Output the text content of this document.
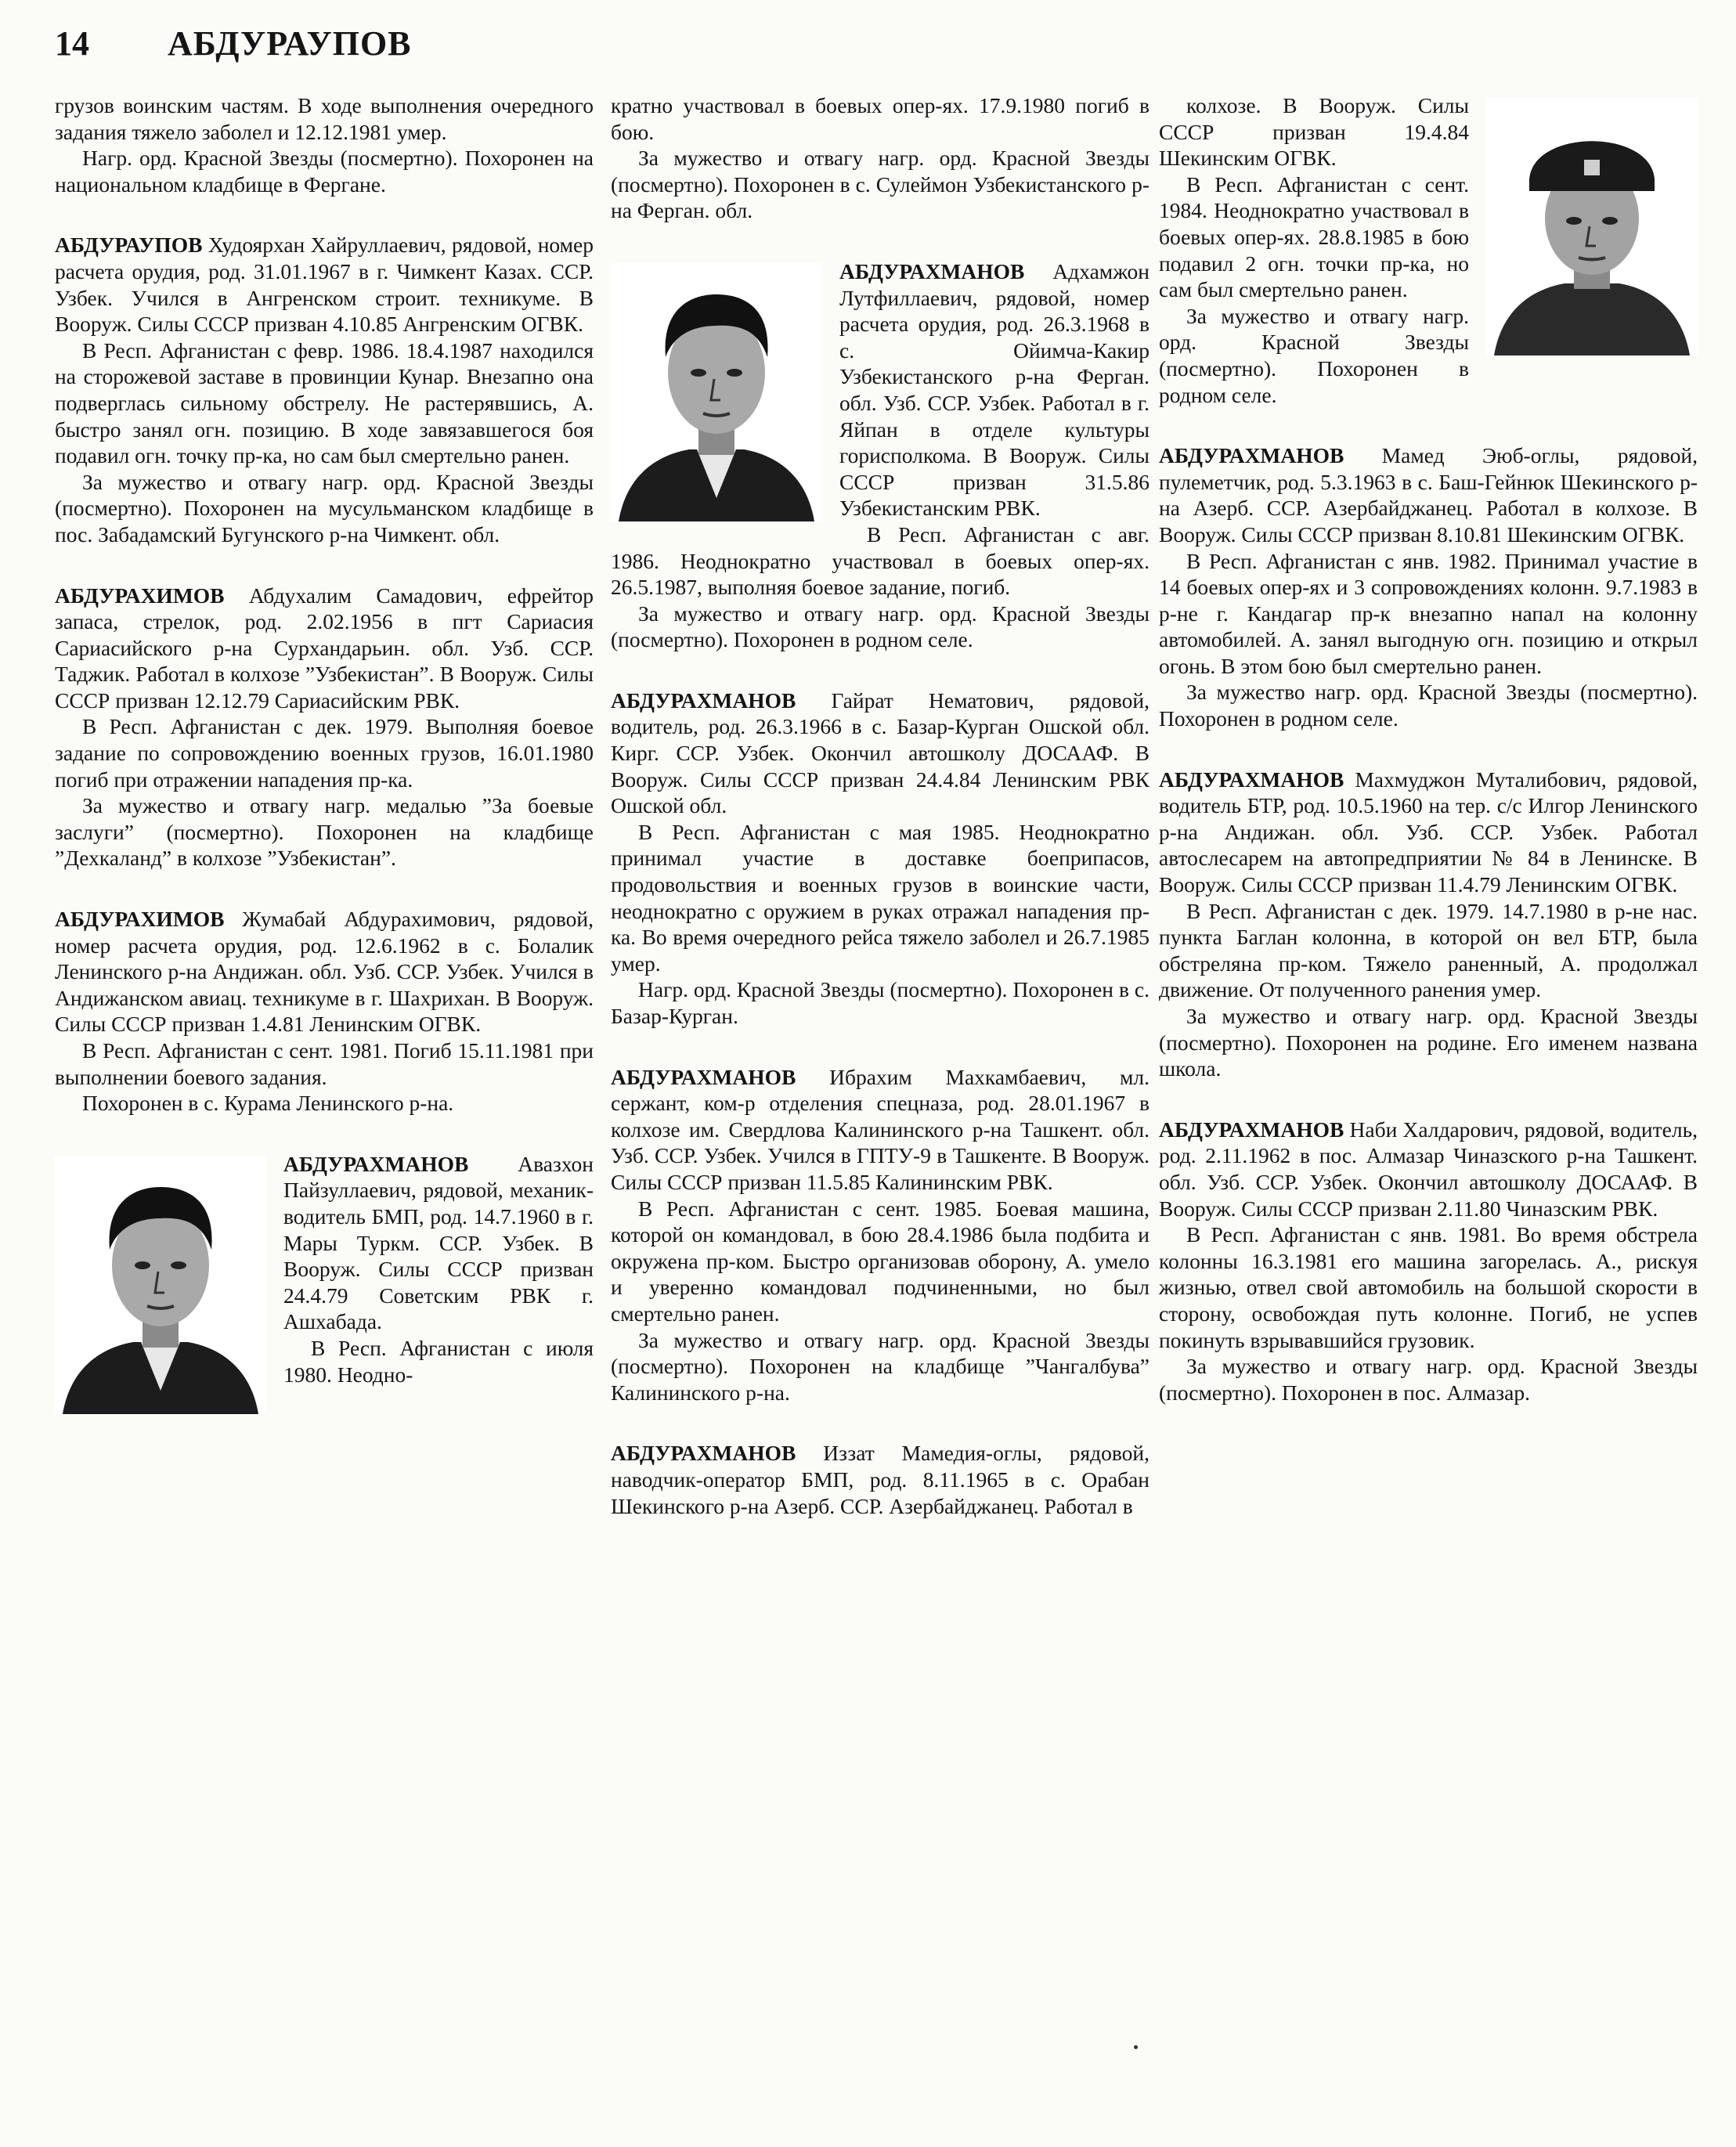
14 АБДУРАУПОВ

грузов воинским частям. В ходе выполнения очередного задания тяжело заболел и 12.12.1981 умер.

Нагр. орд. Красной Звезды (посмертно). Похоронен на национальном кладбище в Фергане.

АБДУРАУПОВ Худоярхан Хайруллаевич, рядовой, номер расчета орудия, род. 31.01.1967 в г. Чимкент Казах. ССР. Узбек. Учился в Ангренском строит. техникуме. В Вооруж. Силы СССР призван 4.10.85 Ангренским ОГВК.

В Респ. Афганистан с февр. 1986. 18.4.1987 находился на сторожевой заставе в провинции Кунар. Внезапно она подверглась сильному обстрелу. Не растерявшись, А. быстро занял огн. позицию. В ходе завязавшегося боя подавил огн. точку пр-ка, но сам был смертельно ранен.

За мужество и отвагу нагр. орд. Красной Звезды (посмертно). Похоронен на мусульманском кладбище в пос. Забадамский Бугунского р-на Чимкент. обл.

АБДУРАХИМОВ Абдухалим Самадович, ефрейтор запаса, стрелок, род. 2.02.1956 в пгт Сариасия Сариасийского р-на Сурхандарьин. обл. Узб. ССР. Таджик. Работал в колхозе ”Узбекистан”. В Вооруж. Силы СССР призван 12.12.79 Сариасийским РВК.

В Респ. Афганистан с дек. 1979. Выполняя боевое задание по сопровождению военных грузов, 16.01.1980 погиб при отражении нападения пр-ка.

За мужество и отвагу нагр. медалью ”За боевые заслуги” (посмертно). Похоронен на кладбище ”Дехкаланд” в колхозе ”Узбекистан”.

АБДУРАХИМОВ Жумабай Абдурахимович, рядовой, номер расчета орудия, род. 12.6.1962 в с. Болалик Ленинского р-на Андижан. обл. Узб. ССР. Узбек. Учился в Андижанском авиац. техникуме в г. Шахрихан. В Вооруж. Силы СССР призван 1.4.81 Ленинским ОГВК.

В Респ. Афганистан с сент. 1981. Погиб 15.11.1981 при выполнении боевого задания.

Похоронен в с. Курама Ленинского р-на.

АБДУРАХМАНОВ Авазхон Пайзуллаевич, рядовой, механик-водитель БМП, род. 14.7.1960 в г. Мары Туркм. ССР. Узбек. В Вооруж. Силы СССР призван 24.4.79 Советским РВК г. Ашхабада.

В Респ. Афганистан с июля 1980. Неодно-

кратно участвовал в боевых опер-ях. 17.9.1980 погиб в бою.

За мужество и отвагу нагр. орд. Красной Звезды (посмертно). Похоронен в с. Сулеймон Узбекистанского р-на Ферган. обл.

АБДУРАХМАНОВ Адхамжон Лутфиллаевич, рядовой, номер расчета орудия, род. 26.3.1968 в с. Ойимча-Какир Узбекистанского р-на Ферган. обл. Узб. ССР. Узбек. Работал в г. Яйпан в отделе культуры горисполкома. В Вооруж. Силы СССР призван 31.5.86 Узбекистанским РВК.

В Респ. Афганистан с авг. 1986. Неоднократно участвовал в боевых опер-ях. 26.5.1987, выполняя боевое задание, погиб.

За мужество и отвагу нагр. орд. Красной Звезды (посмертно). Похоронен в родном селе.

АБДУРАХМАНОВ Гайрат Нематович, рядовой, водитель, род. 26.3.1966 в с. Базар-Курган Ошской обл. Кирг. ССР. Узбек. Окончил автошколу ДОСААФ. В Вооруж. Силы СССР призван 24.4.84 Ленинским РВК Ошской обл.

В Респ. Афганистан с мая 1985. Неоднократно принимал участие в доставке боеприпасов, продовольствия и военных грузов в воинские части, неоднократно с оружием в руках отражал нападения пр-ка. Во время очередного рейса тяжело заболел и 26.7.1985 умер.

Нагр. орд. Красной Звезды (посмертно). Похоронен в с. Базар-Курган.

АБДУРАХМАНОВ Ибрахим Махкамбаевич, мл. сержант, ком-р отделения спецназа, род. 28.01.1967 в колхозе им. Свердлова Калининского р-на Ташкент. обл. Узб. ССР. Узбек. Учился в ГПТУ-9 в Ташкенте. В Вооруж. Силы СССР призван 11.5.85 Калининским РВК.

В Респ. Афганистан с сент. 1985. Боевая машина, которой он командовал, в бою 28.4.1986 была подбита и окружена пр-ком. Быстро организовав оборону, А. умело и уверенно командовал подчиненными, но был смертельно ранен.

За мужество и отвагу нагр. орд. Красной Звезды (посмертно). Похоронен на кладбище ”Чангалбува” Калининского р-на.

АБДУРАХМАНОВ Иззат Мамедия-оглы, рядовой, наводчик-оператор БМП, род. 8.11.1965 в с. Орабан Шекинского р-на Азерб. ССР. Азербайджанец. Работал в

колхозе. В Вооруж. Силы СССР призван 19.4.84 Шекинским ОГВК.

В Респ. Афганистан с сент. 1984. Неоднократно участвовал в боевых опер-ях. 28.8.1985 в бою подавил 2 огн. точки пр-ка, но сам был смертельно ранен.

За мужество и отвагу нагр. орд. Красной Звезды (посмертно). Похоронен в родном селе.

АБДУРАХМАНОВ Мамед Эюб-оглы, рядовой, пулеметчик, род. 5.3.1963 в с. Баш-Гейнюк Шекинского р-на Азерб. ССР. Азербайджанец. Работал в колхозе. В Вооруж. Силы СССР призван 8.10.81 Шекинским ОГВК.

В Респ. Афганистан с янв. 1982. Принимал участие в 14 боевых опер-ях и 3 сопровождениях колонн. 9.7.1983 в р-не г. Кандагар пр-к внезапно напал на колонну автомобилей. А. занял выгодную огн. позицию и открыл огонь. В этом бою был смертельно ранен.

За мужество нагр. орд. Красной Звезды (посмертно). Похоронен в родном селе.

АБДУРАХМАНОВ Махмуджон Муталибович, рядовой, водитель БТР, род. 10.5.1960 на тер. с/с Илгор Ленинского р-на Андижан. обл. Узб. ССР. Узбек. Работал автослесарем на автопредприятии № 84 в Ленинске. В Вооруж. Силы СССР призван 11.4.79 Ленинским ОГВК.

В Респ. Афганистан с дек. 1979. 14.7.1980 в р-не нас. пункта Баглан колонна, в которой он вел БТР, была обстреляна пр-ком. Тяжело раненный, А. продолжал движение. От полученного ранения умер.

За мужество и отвагу нагр. орд. Красной Звезды (посмертно). Похоронен на родине. Его именем названа школа.

АБДУРАХМАНОВ Наби Халдарович, рядовой, водитель, род. 2.11.1962 в пос. Алмазар Чиназского р-на Ташкент. обл. Узб. ССР. Узбек. Окончил автошколу ДОСААФ. В Вооруж. Силы СССР призван 2.11.80 Чиназским РВК.

В Респ. Афганистан с янв. 1981. Во время обстрела колонны 16.3.1981 его машина загорелась. А., рискуя жизнью, отвел свой автомобиль на большой скорости в сторону, освобождая путь колонне. Погиб, не успев покинуть взрывавшийся грузовик.

За мужество и отвагу нагр. орд. Красной Звезды (посмертно). Похоронен в пос. Алмазар.
